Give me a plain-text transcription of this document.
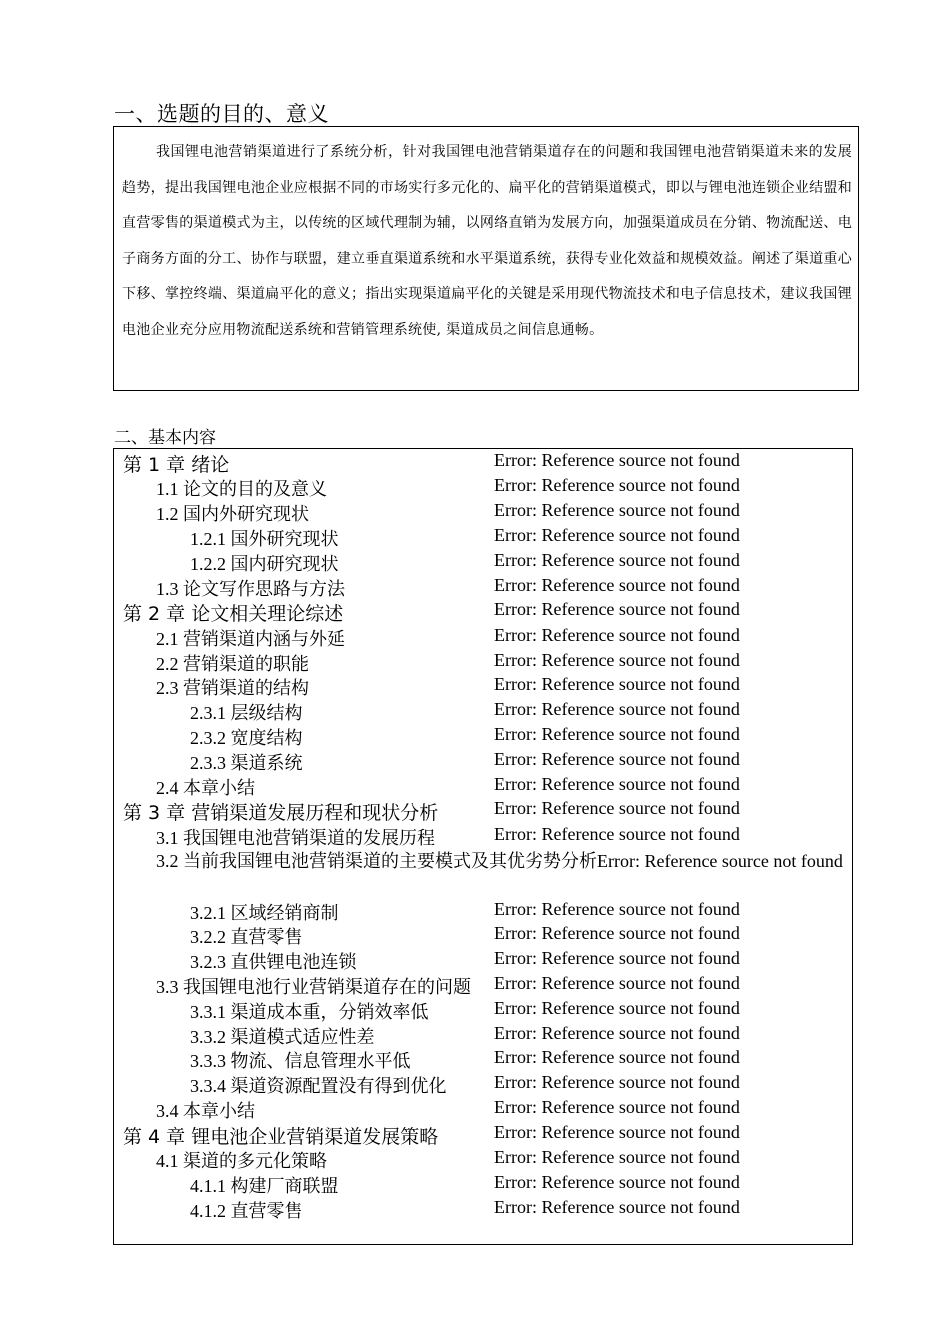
一、选题的目的、意义

我国锂电池营销渠道进行了系统分析，针对我国锂电池营销渠道存在的问题和我国锂电池营销渠道未来的发展趋势，提出我国锂电池企业应根据不同的市场实行多元化的、扁平化的营销渠道模式，即以与锂电池连锁企业结盟和直营零售的渠道模式为主，以传统的区域代理制为辅，以网络直销为发展方向，加强渠道成员在分销、物流配送、电子商务方面的分工、协作与联盟，建立垂直渠道系统和水平渠道系统，获得专业化效益和规模效益。阐述了渠道重心下移、掌控终端、渠道扁平化的意义；指出实现渠道扁平化的关键是采用现代物流技术和电子信息技术，建议我国锂电池企业充分应用物流配送系统和营销管理系统使, 渠道成员之间信息通畅。

二、基本内容
第 1 章 绪论	Error: Reference source not found
1.1 论文的目的及意义	Error: Reference source not found
1.2 国内外研究现状	Error: Reference source not found
1.2.1 国外研究现状	Error: Reference source not found
1.2.2 国内研究现状	Error: Reference source not found
1.3 论文写作思路与方法	Error: Reference source not found
第 2 章 论文相关理论综述	Error: Reference source not found
2.1 营销渠道内涵与外延	Error: Reference source not found
2.2 营销渠道的职能	Error: Reference source not found
2.3 营销渠道的结构	Error: Reference source not found
2.3.1 层级结构	Error: Reference source not found
2.3.2 宽度结构	Error: Reference source not found
2.3.3 渠道系统	Error: Reference source not found
2.4 本章小结	Error: Reference source not found
第 3 章 营销渠道发展历程和现状分析	Error: Reference source not found
3.1 我国锂电池营销渠道的发展历程	Error: Reference source not found
3.2 当前我国锂电池营销渠道的主要模式及其优劣势分析Error: Reference source not found
3.2.1 区域经销商制	Error: Reference source not found
3.2.2 直营零售	Error: Reference source not found
3.2.3 直供锂电池连锁	Error: Reference source not found
3.3 我国锂电池行业营销渠道存在的问题 Error: Reference source not found
3.3.1 渠道成本重，分销效率低	Error: Reference source not found
3.3.2 渠道模式适应性差	Error: Reference source not found
3.3.3 物流、信息管理水平低	Error: Reference source not found
3.3.4 渠道资源配置没有得到优化	Error: Reference source not found
3.4 本章小结	Error: Reference source not found
第 4 章 锂电池企业营销渠道发展策略	Error: Reference source not found
4.1 渠道的多元化策略	Error: Reference source not found
4.1.1 构建厂商联盟	Error: Reference source not found
4.1.2 直营零售	Error: Reference source not found
